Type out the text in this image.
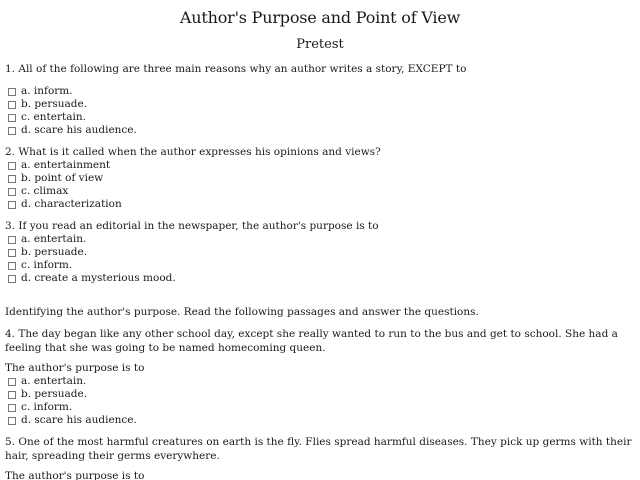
Author's Purpose and Point of View
Pretest
1. All of the following are three main reasons why an author writes a story, EXCEPT to
a. inform.
b. persuade.
c. entertain.
d. scare his audience.
2. What is it called when the author expresses his opinions and views?
a. entertainment
b. point of view
c. climax
d. characterization
3. If you read an editorial in the newspaper, the author's purpose is to
a. entertain.
b. persuade.
c. inform.
d. create a mysterious mood.
Identifying the author's purpose. Read the following passages and answer the questions.
4. The day began like any other school day, except she really wanted to run to the bus and get to school. She had a feeling that she was going to be named homecoming queen.
The author's purpose is to
a. entertain.
b. persuade.
c. inform.
d. scare his audience.
5. One of the most harmful creatures on earth is the fly. Flies spread harmful diseases. They pick up germs with their hair, spreading their germs everywhere.
The author's purpose is to
